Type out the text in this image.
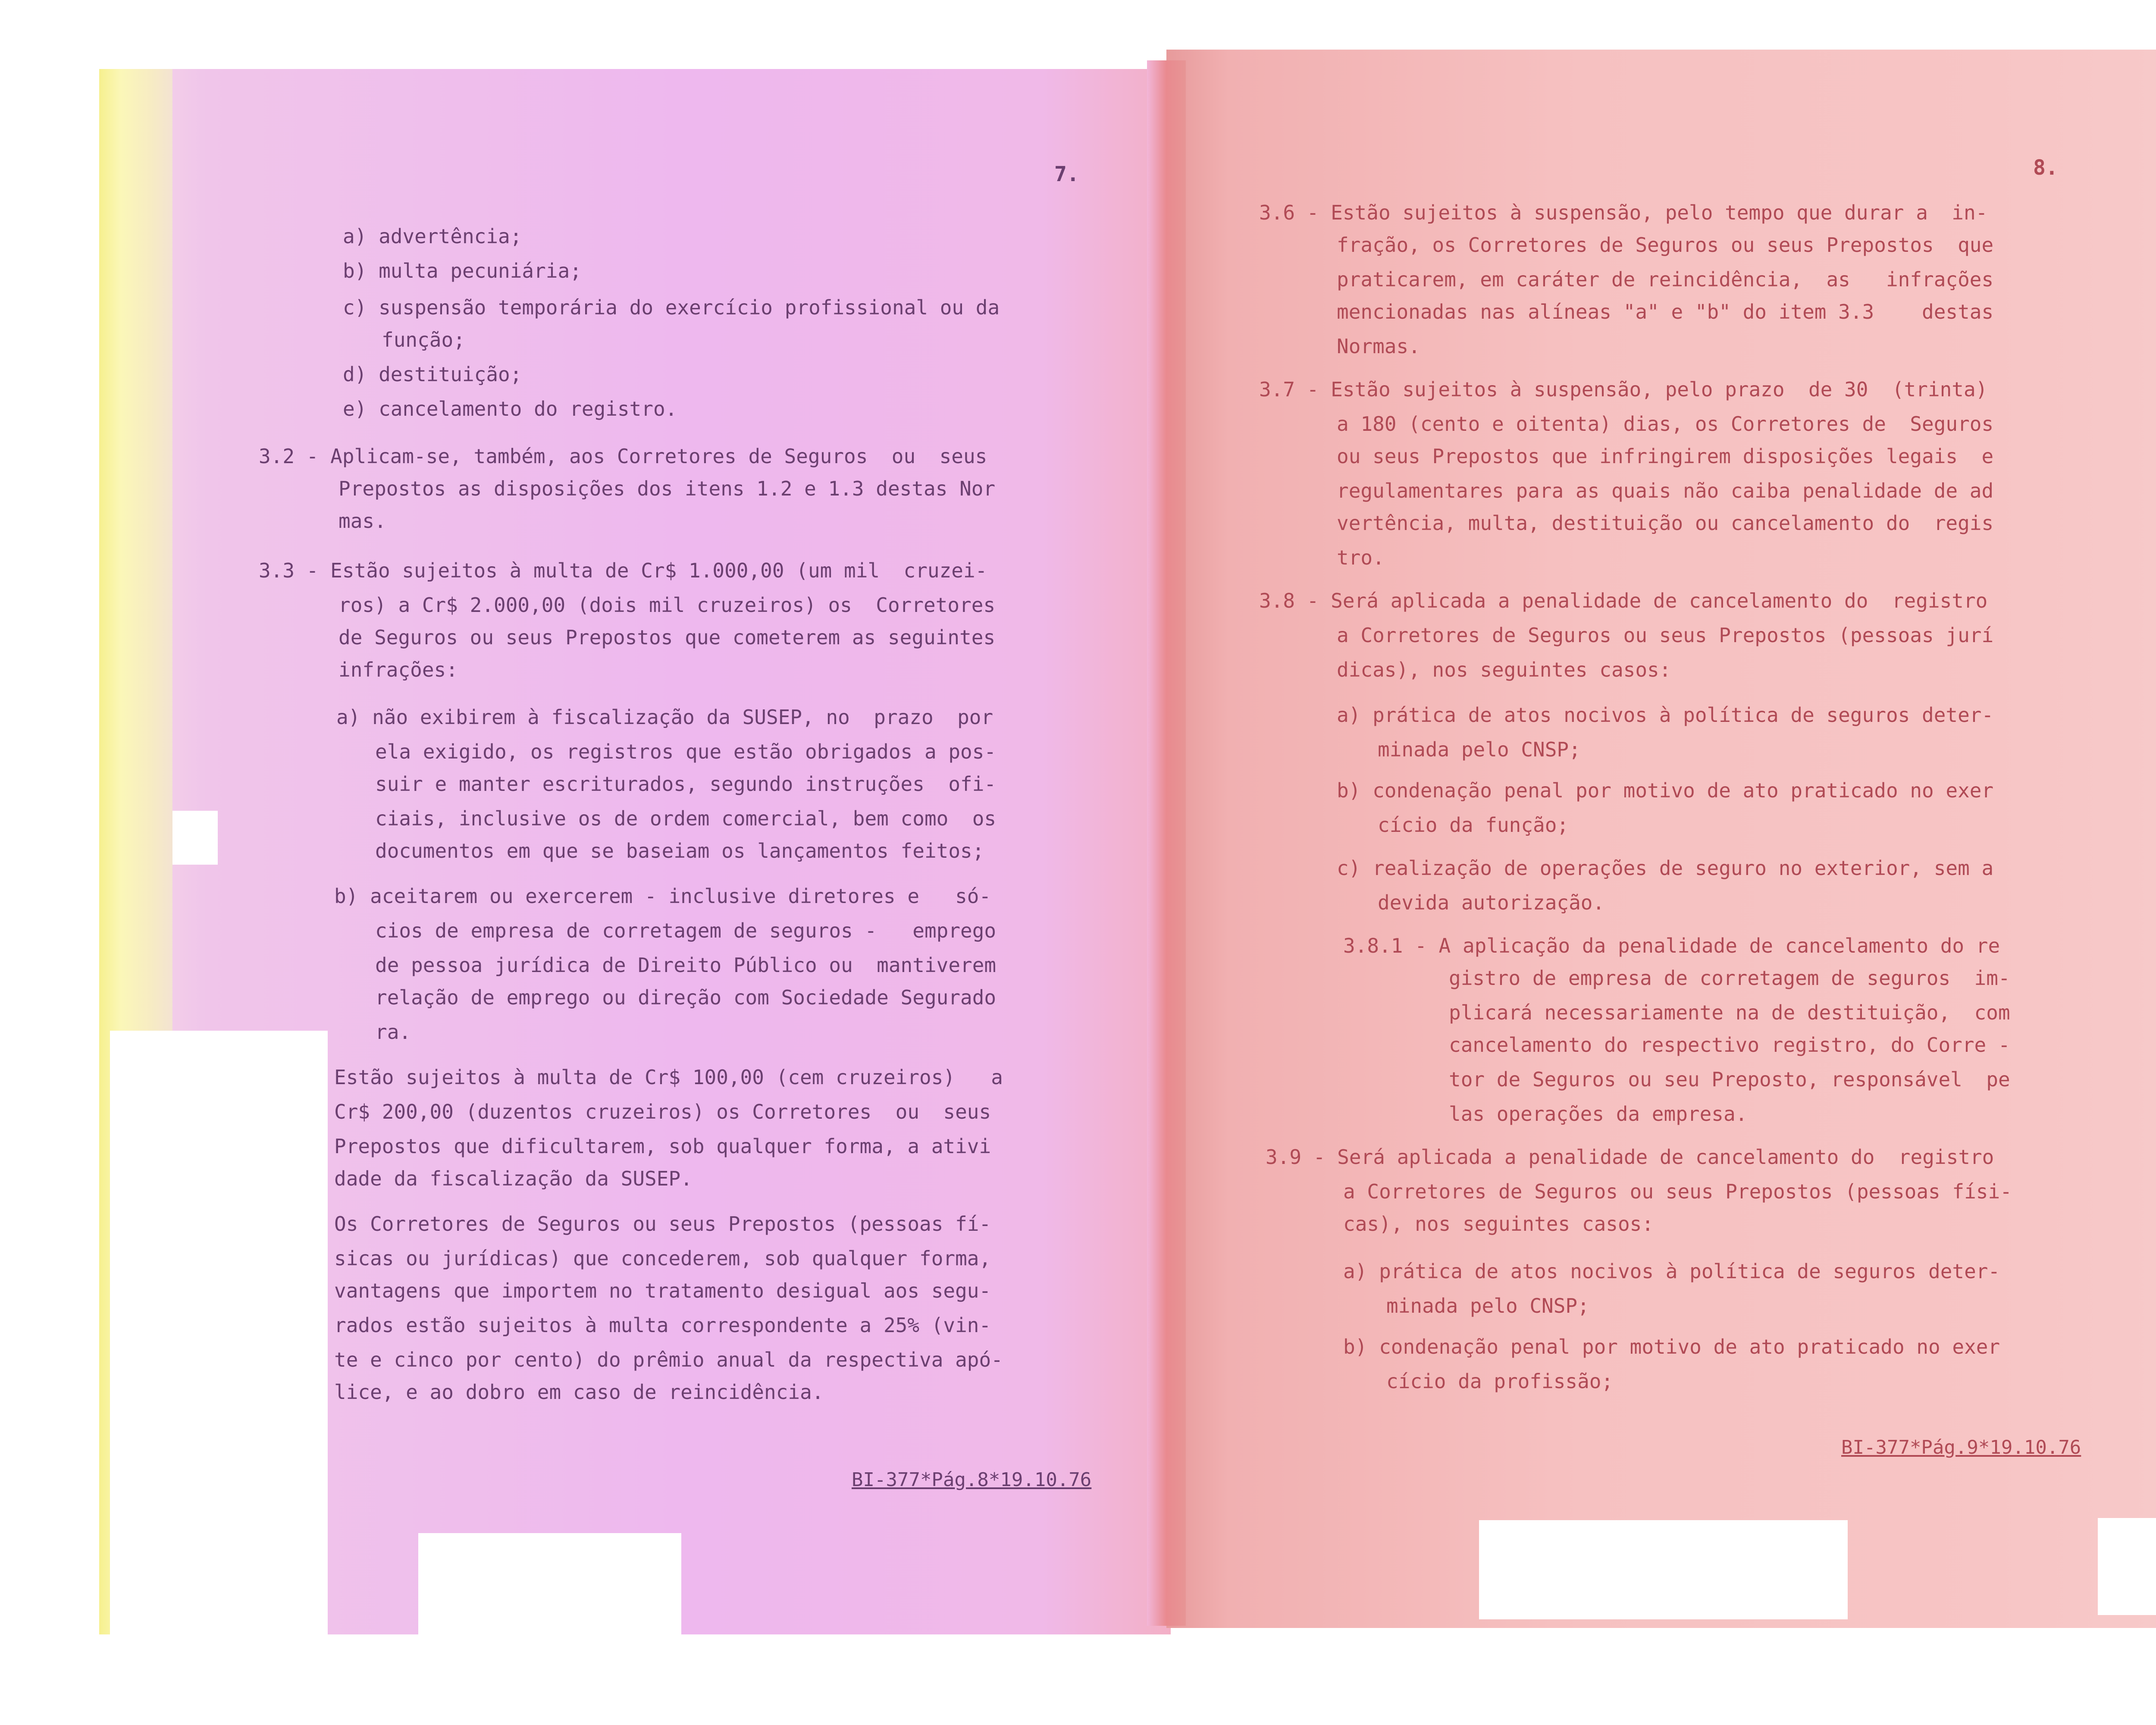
7.
a) advertência;
b) multa pecuniária;
c) suspensão temporária do exercício profissional ou da
função;
d) destituição;
e) cancelamento do registro.
3.2 - Aplicam-se, também, aos Corretores de Seguros  ou  seus
Prepostos as disposições dos itens 1.2 e 1.3 destas Nor
mas.
3.3 - Estão sujeitos à multa de Cr$ 1.000,00 (um mil  cruzei-
ros) a Cr$ 2.000,00 (dois mil cruzeiros) os  Corretores
de Seguros ou seus Prepostos que cometerem as seguintes
infrações:
a) não exibirem à fiscalização da SUSEP, no  prazo  por
ela exigido, os registros que estão obrigados a pos-
suir e manter escriturados, segundo instruções  ofi-
ciais, inclusive os de ordem comercial, bem como  os
documentos em que se baseiam os lançamentos feitos;
b) aceitarem ou exercerem - inclusive diretores e   só-
cios de empresa de corretagem de seguros -   emprego
de pessoa jurídica de Direito Público ou  mantiverem
relação de emprego ou direção com Sociedade Segurado
ra.
Estão sujeitos à multa de Cr$ 100,00 (cem cruzeiros)   a
Cr$ 200,00 (duzentos cruzeiros) os Corretores  ou  seus
Prepostos que dificultarem, sob qualquer forma, a ativi
dade da fiscalização da SUSEP.
Os Corretores de Seguros ou seus Prepostos (pessoas fí-
sicas ou jurídicas) que concederem, sob qualquer forma,
vantagens que importem no tratamento desigual aos segu-
rados estão sujeitos à multa correspondente a 25% (vin-
te e cinco por cento) do prêmio anual da respectiva apó-
lice, e ao dobro em caso de reincidência.
BI-377*Pág.8*19.10.76
8.
3.6 - Estão sujeitos à suspensão, pelo tempo que durar a  in-
fração, os Corretores de Seguros ou seus Prepostos  que
praticarem, em caráter de reincidência,  as   infrações
mencionadas nas alíneas "a" e "b" do item 3.3    destas
Normas.
3.7 - Estão sujeitos à suspensão, pelo prazo  de 30  (trinta)
a 180 (cento e oitenta) dias, os Corretores de  Seguros
ou seus Prepostos que infringirem disposições legais  e
regulamentares para as quais não caiba penalidade de ad
vertência, multa, destituição ou cancelamento do  regis
tro.
3.8 - Será aplicada a penalidade de cancelamento do  registro
a Corretores de Seguros ou seus Prepostos (pessoas jurí
dicas), nos seguintes casos:
a) prática de atos nocivos à política de seguros deter-
minada pelo CNSP;
b) condenação penal por motivo de ato praticado no exer
cício da função;
c) realização de operações de seguro no exterior, sem a
devida autorização.
3.8.1 - A aplicação da penalidade de cancelamento do re
gistro de empresa de corretagem de seguros  im-
plicará necessariamente na de destituição,  com
cancelamento do respectivo registro, do Corre -
tor de Seguros ou seu Preposto, responsável  pe
las operações da empresa.
3.9 - Será aplicada a penalidade de cancelamento do  registro
a Corretores de Seguros ou seus Prepostos (pessoas físi-
cas), nos seguintes casos:
a) prática de atos nocivos à política de seguros deter-
minada pelo CNSP;
b) condenação penal por motivo de ato praticado no exer
cício da profissão;
BI-377*Pág.9*19.10.76
